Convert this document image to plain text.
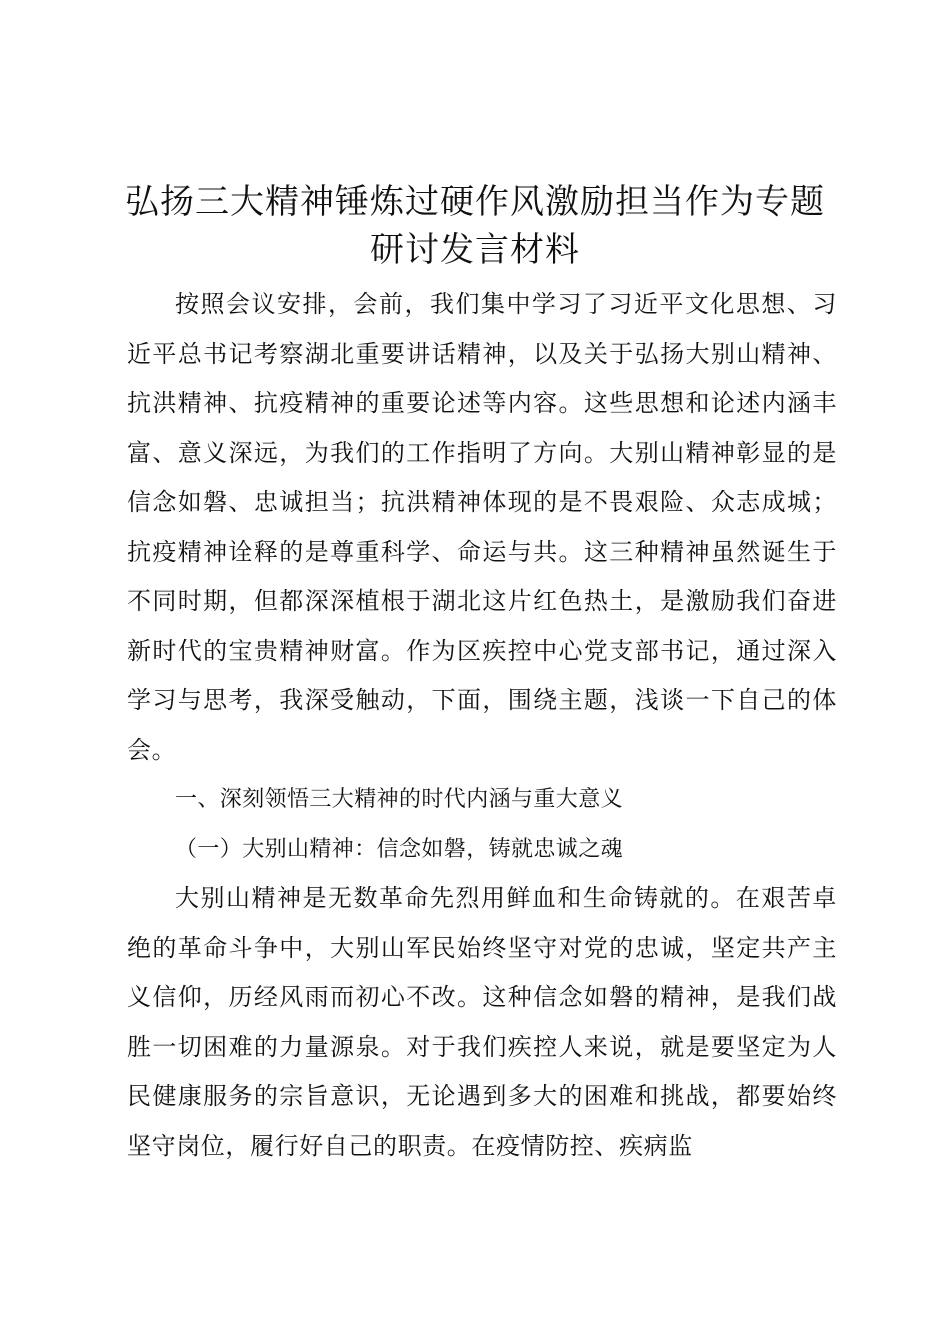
弘扬三大精神锤炼过硬作风激励担当作为专题
研讨发言材料

按照会议安排，会前，我们集中学习了习近平文化思想、习近平总书记考察湖北重要讲话精神，以及关于弘扬大别山精神、抗洪精神、抗疫精神的重要论述等内容。这些思想和论述内涵丰富、意义深远，为我们的工作指明了方向。大别山精神彰显的是信念如磐、忠诚担当；抗洪精神体现的是不畏艰险、众志成城；抗疫精神诠释的是尊重科学、命运与共。这三种精神虽然诞生于不同时期，但都深深植根于湖北这片红色热土，是激励我们奋进新时代的宝贵精神财富。作为区疾控中心党支部书记，通过深入学习与思考，我深受触动，下面，围绕主题，浅谈一下自己的体会。

一、深刻领悟三大精神的时代内涵与重大意义

（一）大别山精神：信念如磐，铸就忠诚之魂

大别山精神是无数革命先烈用鲜血和生命铸就的。在艰苦卓绝的革命斗争中，大别山军民始终坚守对党的忠诚，坚定共产主义信仰，历经风雨而初心不改。这种信念如磐的精神，是我们战胜一切困难的力量源泉。对于我们疾控人来说，就是要坚定为人民健康服务的宗旨意识，无论遇到多大的困难和挑战，都要始终坚守岗位，履行好自己的职责。在疫情防控、疾病监
